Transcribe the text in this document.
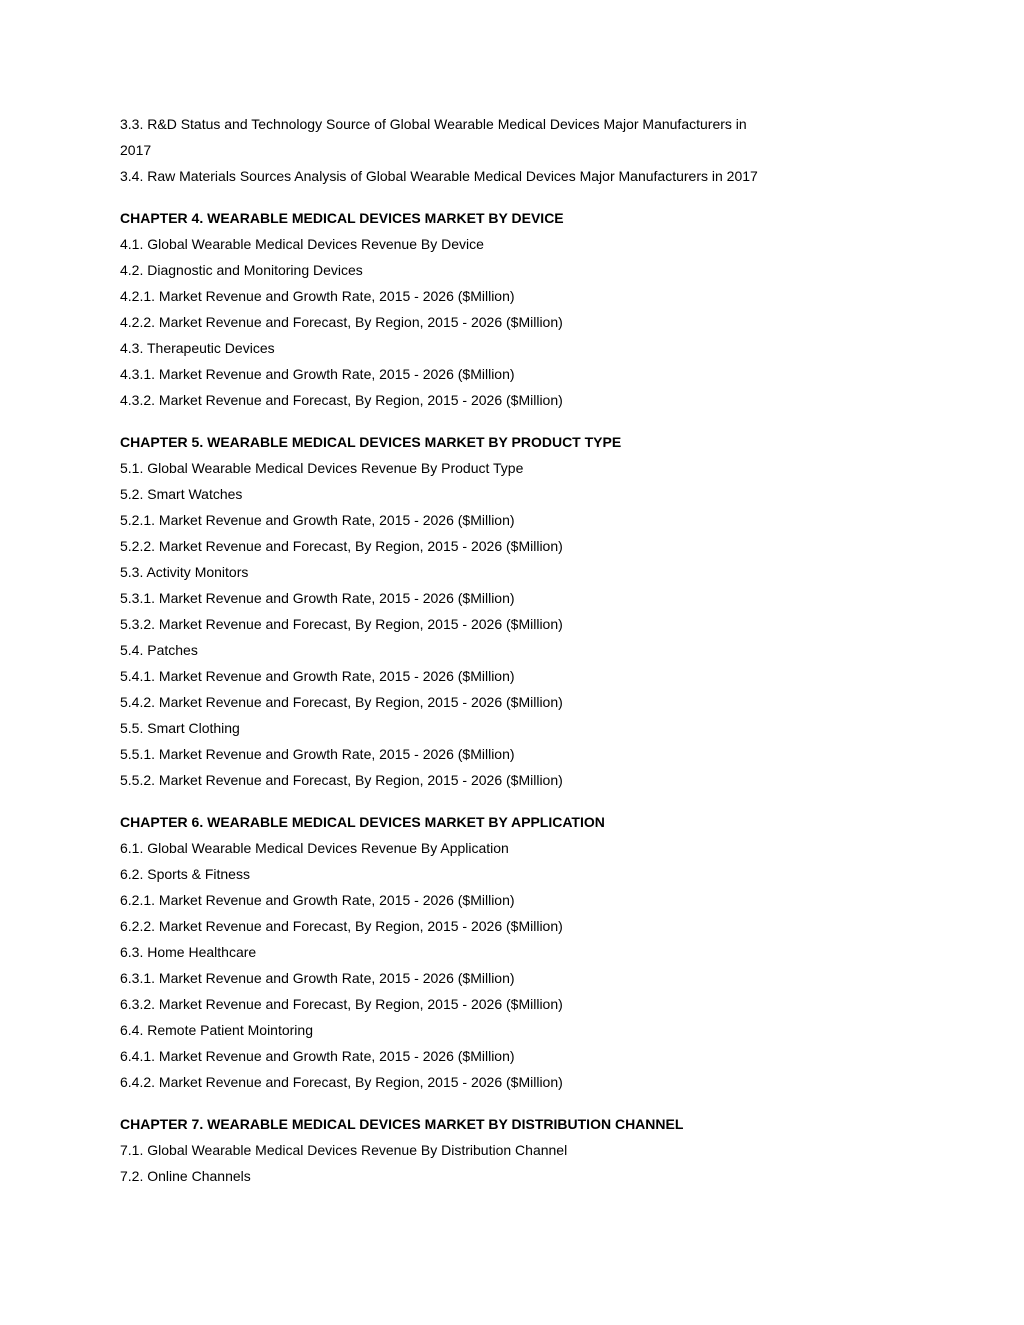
3.3. R&D Status and Technology Source of Global Wearable Medical Devices Major Manufacturers in

2017

3.4. Raw Materials Sources Analysis of Global Wearable Medical Devices Major Manufacturers in 2017

CHAPTER 4. WEARABLE MEDICAL DEVICES MARKET BY DEVICE

4.1. Global Wearable Medical Devices Revenue By Device

4.2. Diagnostic and Monitoring Devices

4.2.1. Market Revenue and Growth Rate, 2015 - 2026 ($Million)

4.2.2. Market Revenue and Forecast, By Region, 2015 - 2026 ($Million)

4.3. Therapeutic Devices

4.3.1. Market Revenue and Growth Rate, 2015 - 2026 ($Million)

4.3.2. Market Revenue and Forecast, By Region, 2015 - 2026 ($Million)

CHAPTER 5. WEARABLE MEDICAL DEVICES MARKET BY PRODUCT TYPE

5.1. Global Wearable Medical Devices Revenue By Product Type

5.2. Smart Watches

5.2.1. Market Revenue and Growth Rate, 2015 - 2026 ($Million)

5.2.2. Market Revenue and Forecast, By Region, 2015 - 2026 ($Million)

5.3. Activity Monitors

5.3.1. Market Revenue and Growth Rate, 2015 - 2026 ($Million)

5.3.2. Market Revenue and Forecast, By Region, 2015 - 2026 ($Million)

5.4. Patches

5.4.1. Market Revenue and Growth Rate, 2015 - 2026 ($Million)

5.4.2. Market Revenue and Forecast, By Region, 2015 - 2026 ($Million)

5.5. Smart Clothing

5.5.1. Market Revenue and Growth Rate, 2015 - 2026 ($Million)

5.5.2. Market Revenue and Forecast, By Region, 2015 - 2026 ($Million)

CHAPTER 6. WEARABLE MEDICAL DEVICES MARKET BY APPLICATION

6.1. Global Wearable Medical Devices Revenue By Application

6.2. Sports & Fitness

6.2.1. Market Revenue and Growth Rate, 2015 - 2026 ($Million)

6.2.2. Market Revenue and Forecast, By Region, 2015 - 2026 ($Million)

6.3. Home Healthcare

6.3.1. Market Revenue and Growth Rate, 2015 - 2026 ($Million)

6.3.2. Market Revenue and Forecast, By Region, 2015 - 2026 ($Million)

6.4. Remote Patient Mointoring

6.4.1. Market Revenue and Growth Rate, 2015 - 2026 ($Million)

6.4.2. Market Revenue and Forecast, By Region, 2015 - 2026 ($Million)

CHAPTER 7. WEARABLE MEDICAL DEVICES MARKET BY DISTRIBUTION CHANNEL

7.1. Global Wearable Medical Devices Revenue By Distribution Channel

7.2. Online Channels
